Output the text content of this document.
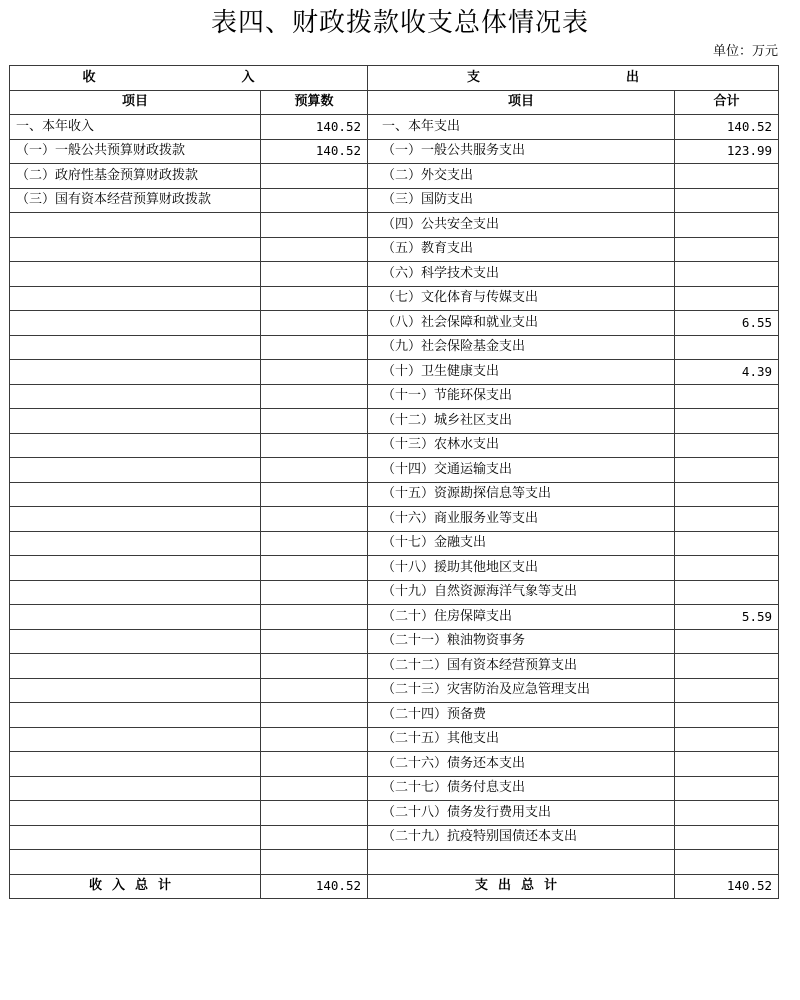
表四、财政拨款收支总体情况表
单位：万元
收　　入		支　　出	
项目	预算数	项目	合计
一、本年收入	140.52	一、本年支出	140.52
（一）一般公共预算财政拨款	140.52	（一）一般公共服务支出	123.99
（二）政府性基金预算财政拨款		（二）外交支出	
（三）国有资本经营预算财政拨款		（三）国防支出	
		（四）公共安全支出	
		（五）教育支出	
		（六）科学技术支出	
		（七）文化体育与传媒支出	
		（八）社会保障和就业支出	6.55
		（九）社会保险基金支出	
		（十）卫生健康支出	4.39
		（十一）节能环保支出	
		（十二）城乡社区支出	
		（十三）农林水支出	
		（十四）交通运输支出	
		（十五）资源勘探信息等支出	
		（十六）商业服务业等支出	
		（十七）金融支出	
		（十八）援助其他地区支出	
		（十九）自然资源海洋气象等支出	
		（二十）住房保障支出	5.59
		（二十一）粮油物资事务	
		（二十二）国有资本经营预算支出	
		（二十三）灾害防治及应急管理支出	
		（二十四）预备费	
		（二十五）其他支出	
		（二十六）债务还本支出	
		（二十七）债务付息支出	
		（二十八）债务发行费用支出	
		（二十九）抗疫特别国债还本支出	

收入总计	140.52	支出总计	140.52
